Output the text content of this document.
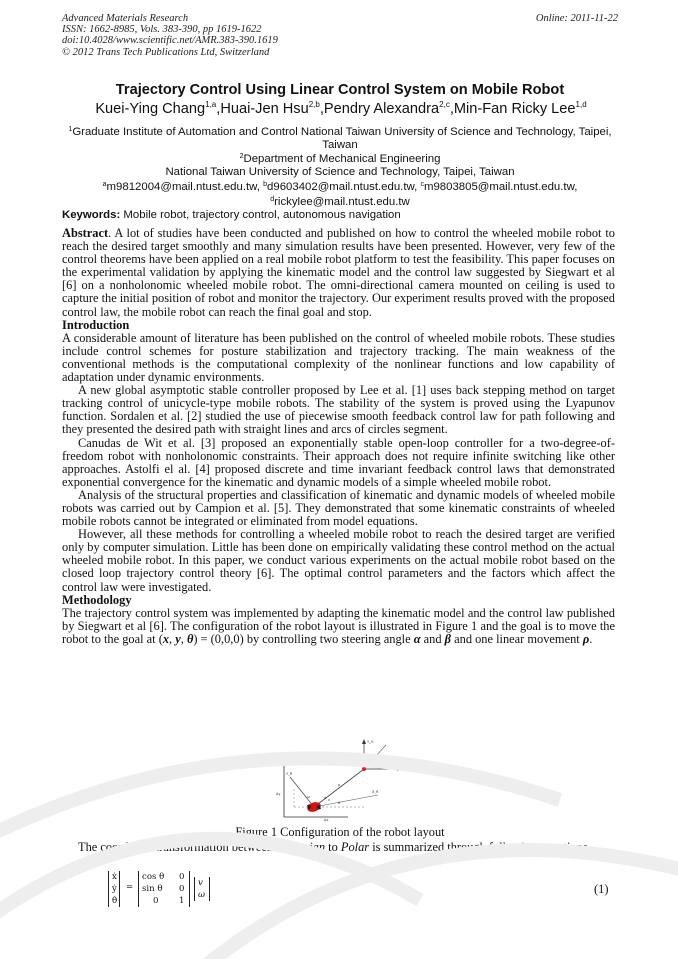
Advanced Materials Research
ISSN: 1662-8985, Vols. 383-390, pp 1619-1622
doi:10.4028/www.scientific.net/AMR.383-390.1619
© 2012 Trans Tech Publications Ltd, Switzerland
Online: 2011-11-22
Trajectory Control Using Linear Control System on Mobile Robot
Kuei-Ying Chang$^{1,a}$,Huai-Jen Hsu$^{2,b}$,Pendry Alexandra$^{2,c}$,Min-Fan Ricky Lee$^{1,d}$
$^1$Graduate Institute of Automation and Control National Taiwan University of Science and Technology, Taipei, Taiwan
$^2$Department of Mechanical Engineering
National Taiwan University of Science and Technology, Taipei, Taiwan
$^a$m9812004@mail.ntust.edu.tw, $^b$d9603402@mail.ntust.edu.tw, $^c$m9803805@mail.ntust.edu.tw,
$^d$rickylee@mail.ntust.edu.tw
Keywords: Mobile robot, trajectory control, autonomous navigation

Abstract. A lot of studies have been conducted and published on how to control the wheeled mobile robot to reach the desired target smoothly and many simulation results have been presented. However, very few of the control theorems have been applied on a real mobile robot platform to test the feasibility. This paper focuses on the experimental validation by applying the kinematic model and the control law suggested by Siegwart et al [6] on a nonholonomic wheeled mobile robot. The omni-directional camera mounted on ceiling is used to capture the initial position of robot and monitor the trajectory. Our experiment results proved with the proposed control law, the mobile robot can reach the final goal and stop.

Introduction

A considerable amount of literature has been published on the control of wheeled mobile robots. These studies include control schemes for posture stabilization and trajectory tracking. The main weakness of the conventional methods is the computational complexity of the nonlinear functions and low capability of adaptation under dynamic environments.

A new global asymptotic stable controller proposed by Lee et al. [1] uses back stepping method on target tracking control of unicycle-type mobile robots. The stability of the system is proved using the Lyapunov function. Sordalen et al. [2] studied the use of piecewise smooth feedback control law for path following and they presented the desired path with straight lines and arcs of circles segment.

Canudas de Wit et al. [3] proposed an exponentially stable open-loop controller for a two-degree-of-freedom robot with nonholonomic constraints. Their approach does not require infinite switching like other approaches. Astolfi el al. [4] proposed discrete and time invariant feedback control laws that demonstrated exponential convergence for the kinematic and dynamic models of a simple wheeled mobile robot.

Analysis of the structural properties and classification of kinematic and dynamic models of wheeled mobile robots was carried out by Campion et al. [5]. They demonstrated that some kinematic constraints of wheeled mobile robots cannot be integrated or eliminated from model equations.

However, all these methods for controlling a wheeled mobile robot to reach the desired target are verified only by computer simulation. Little has been done on empirically validating these control method on the actual wheeled mobile robot. In this paper, we conduct various experiments on the actual mobile robot based on the closed loop trajectory control theory [6]. The optimal control parameters and the factors which affect the control law were investigated.

Methodology

The trajectory control system was implemented by adapting the kinematic model and the control law published by Siegwart et al [6]. The configuration of the robot layout is illustrated in Figure 1 and the goal is to move the robot to the goal at (x, y, θ) = (0,0,0) by controlling two steering angle α and β and one linear movement ρ.

goal
Y_G
X_G
Y_R
X_R
v
ω
Δy
Δx
ρ
α
β
θ
Figure 1 Configuration of the robot layout

The coordinate transformation between Cartesian to Polar is summarized through following equations

ẋ
ẏ
θ̇
=
cos θ 0
sin θ 0
0 1
v
ω	(1)
